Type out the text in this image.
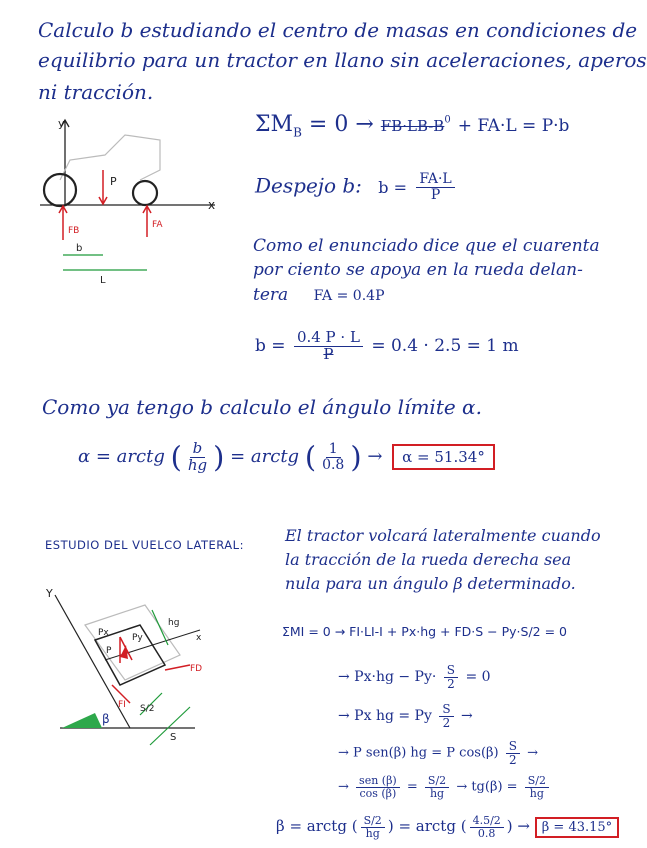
Calculo b estudiando el centro de masas en condiciones de
equilibrio para un tractor en llano sin aceleraciones, aperos
ni tracción.
y
x
P
FB
FA
b
L
$\Sigma M_B = 0 \to FB\cdot LB-B^0 + FA\cdot L = P\cdot b$
Despejo b: $b = \frac{FA\cdot L}{P}$
Como el enunciado dice que el cuarenta
por ciento se apoya en la rueda delan-
tera FA = 0.4P
$b = \frac{0.4 P \cdot L}{P} = 0.4 \cdot 2.5 = 1$ m
Como ya tengo b calculo el ángulo límite α.
α = arctg ( $\frac{b}{hg}$ ) = arctg ( $\frac{1}{0.8}$ ) → α = 51.34°
ESTUDIO DEL VUELCO LATERAL:	El tractor volcará lateralmente cuando
la tracción de la rueda derecha sea
nula para un ángulo β determinado.
Y
β
x
Px	Py
P
hg
FD
FI S/2
S
ΣMI = 0 → FI·LI-I + Px·hg + FD·S − Py·S/2 = 0
→ $Px\cdot hg - Py\cdot \frac{S}{2} = 0$
→ Px hg = Py $\frac{S}{2}$ →
→ P sen(β) hg = P $\cos(\beta) \frac{S}{2}$ →
→ $\frac{\text{sen (β)}}{\cos (\beta)} = \frac{S/2}{hg} \to tg(\beta) = \frac{S/2}{hg}$
β = arctg ( $\frac{S/2}{hg}$ ) = arctg ( $\frac{4.5/2}{0.8}$ ) → β = 43.15°
